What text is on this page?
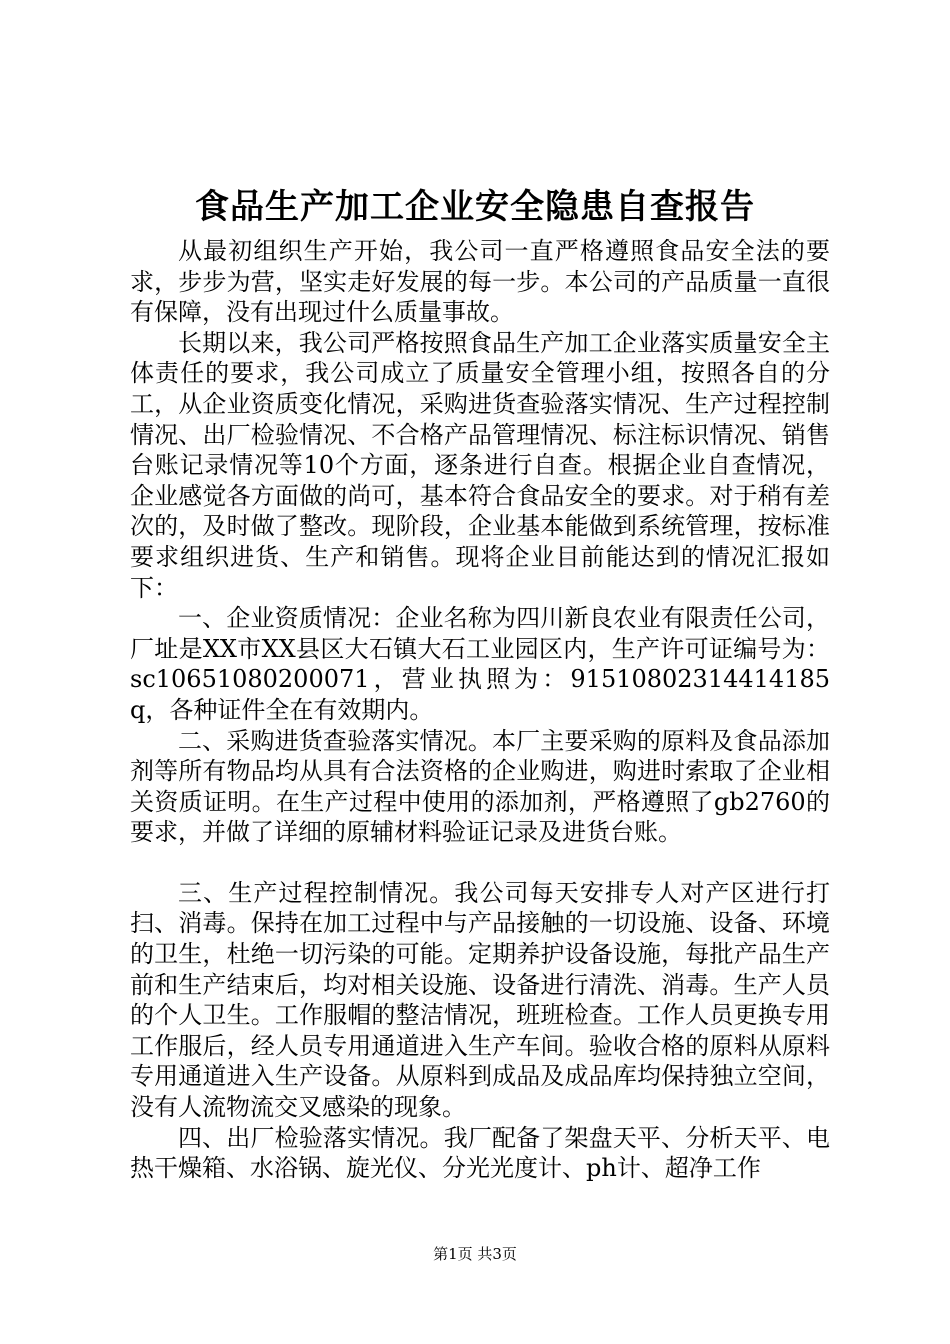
食品生产加工企业安全隐患自查报告

从最初组织生产开始，我公司一直严格遵照食品安全法的要求，步步为营，坚实走好发展的每一步。本公司的产品质量一直很有保障，没有出现过什么质量事故。

长期以来，我公司严格按照食品生产加工企业落实质量安全主体责任的要求，我公司成立了质量安全管理小组，按照各自的分工，从企业资质变化情况，采购进货查验落实情况、生产过程控制情况、出厂检验情况、不合格产品管理情况、标注标识情况、销售台账记录情况等10个方面，逐条进行自查。根据企业自查情况，企业感觉各方面做的尚可，基本符合食品安全的要求。对于稍有差次的，及时做了整改。现阶段，企业基本能做到系统管理，按标准要求组织进货、生产和销售。现将企业目前能达到的情况汇报如下：

一、企业资质情况：企业名称为四川新良农业有限责任公司，厂址是XX市XX县区大石镇大石工业园区内，生产许可证编号为：sc10651080200071，营业执照为：91510802314414185q，各种证件全在有效期内。

二、采购进货查验落实情况。本厂主要采购的原料及食品添加剂等所有物品均从具有合法资格的企业购进，购进时索取了企业相关资质证明。在生产过程中使用的添加剂，严格遵照了gb2760的要求，并做了详细的原辅材料验证记录及进货台账。

三、生产过程控制情况。我公司每天安排专人对产区进行打扫、消毒。保持在加工过程中与产品接触的一切设施、设备、环境的卫生，杜绝一切污染的可能。定期养护设备设施，每批产品生产前和生产结束后，均对相关设施、设备进行清洗、消毒。生产人员的个人卫生。工作服帽的整洁情况，班班检查。工作人员更换专用工作服后，经人员专用通道进入生产车间。验收合格的原料从原料专用通道进入生产设备。从原料到成品及成品库均保持独立空间，没有人流物流交叉感染的现象。

四、出厂检验落实情况。我厂配备了架盘天平、分析天平、电热干燥箱、水浴锅、旋光仪、分光光度计、ph计、超净工作

第1页 共3页
